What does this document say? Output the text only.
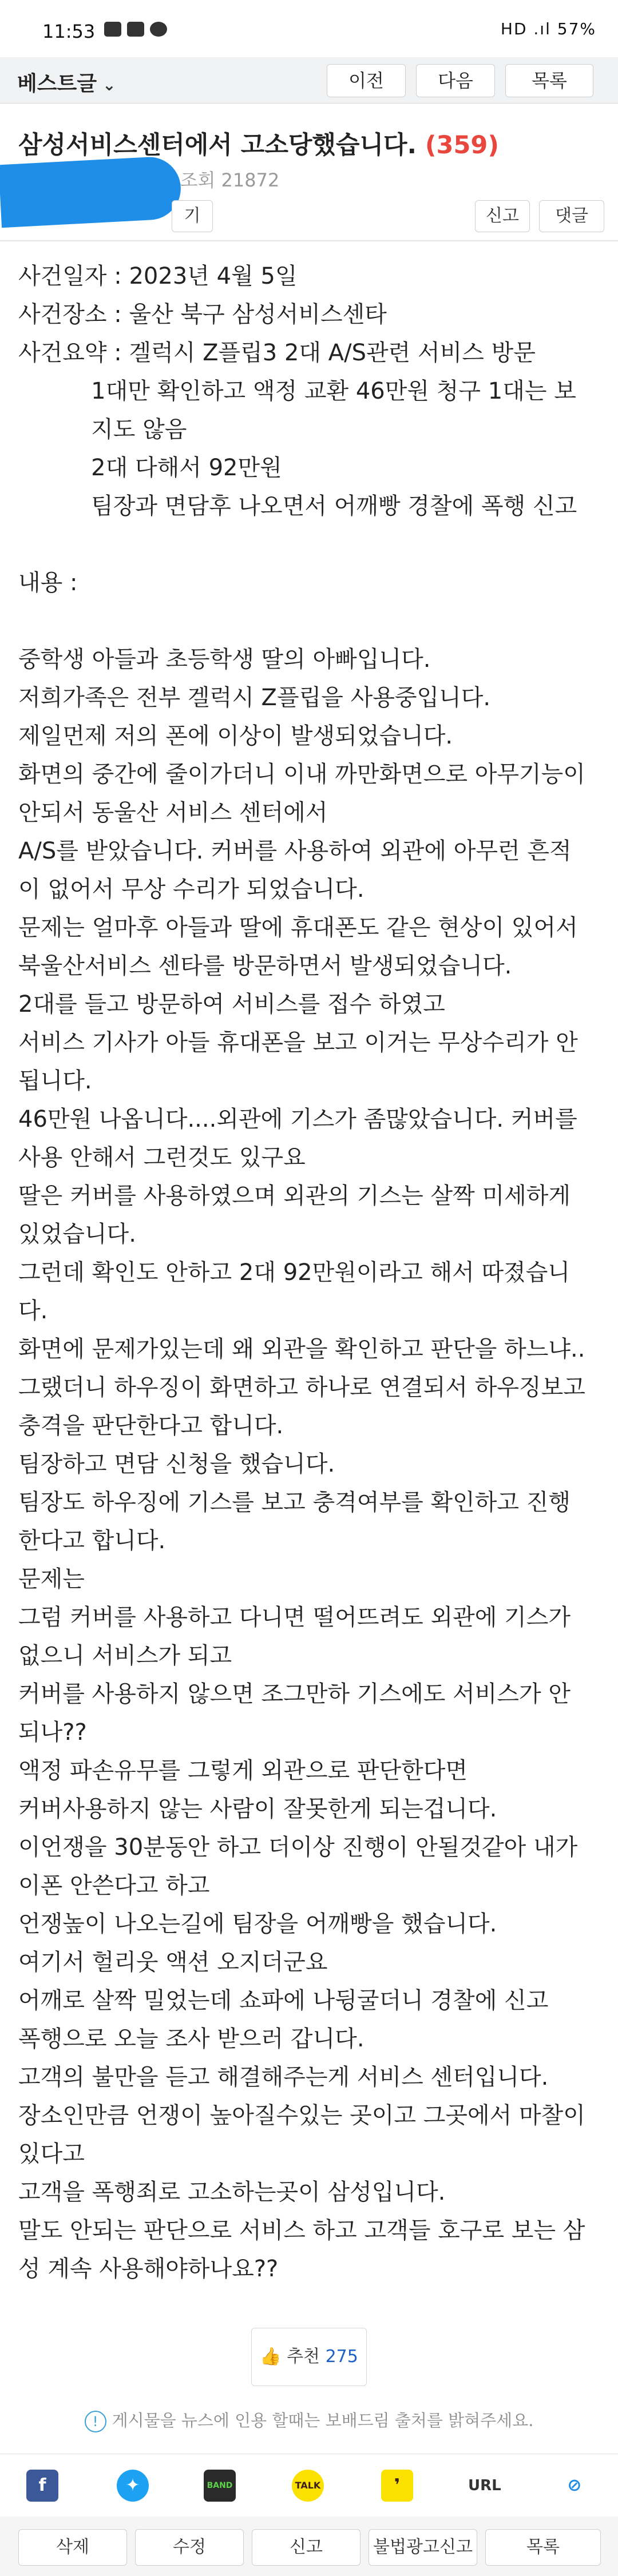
11:53	HD .ıl 57%
베스트글 ⌄	이전	다음	목록
삼성서비스센터에서 고소당했습니다. (359)
조회 21872
기	신고	댓글
사건일자 : 2023년 4월 5일
사건장소 : 울산 북구 삼성서비스센타
사건요약 : 겔럭시 Z플립3 2대 A/S관련 서비스 방문
1대만 확인하고 액정 교환 46만원 청구 1대는 보
지도 않음
2대 다해서 92만원
팀장과 면담후 나오면서 어깨빵 경찰에 폭행 신고
내용 :
중학생 아들과 초등학생 딸의 아빠입니다.
저희가족은 전부 겔럭시 Z플립을 사용중입니다.
제일먼제 저의 폰에 이상이 발생되었습니다.
화면의 중간에 줄이가더니 이내 까만화면으로 아무기능이
안되서 동울산 서비스 센터에서
A/S를 받았습니다. 커버를 사용하여 외관에 아무런 흔적
이 없어서 무상 수리가 되었습니다.
문제는 얼마후 아들과 딸에 휴대폰도 같은 현상이 있어서
북울산서비스 센타를 방문하면서 발생되었습니다.
2대를 들고 방문하여 서비스를 접수 하였고
서비스 기사가 아들 휴대폰을 보고 이거는 무상수리가 안
됩니다.
46만원 나옵니다....외관에 기스가 좀많았습니다. 커버를
사용 안해서 그런것도 있구요
딸은 커버를 사용하였으며 외관의 기스는 살짝 미세하게
있었습니다.
그런데 확인도 안하고 2대 92만원이라고 해서 따졌습니
다.
화면에 문제가있는데 왜 외관을 확인하고 판단을 하느냐..
그랬더니 하우징이 화면하고 하나로 연결되서 하우징보고
충격을 판단한다고 합니다.
팀장하고 면담 신청을 했습니다.
팀장도 하우징에 기스를 보고 충격여부를 확인하고 진행
한다고 합니다.
문제는
그럼 커버를 사용하고 다니면 떨어뜨려도 외관에 기스가
없으니 서비스가 되고
커버를 사용하지 않으면 조그만하 기스에도 서비스가 안
되나??
액정 파손유무를 그렇게 외관으로 판단한다면
커버사용하지 않는 사람이 잘못한게 되는겁니다.
이언쟁을 30분동안 하고 더이상 진행이 안될것같아 내가
이폰 안쓴다고 하고
언쟁높이 나오는길에 팀장을 어깨빵을 했습니다.
여기서 헐리웃 액션 오지더군요
어깨로 살짝 밀었는데 쇼파에 나뒹굴더니 경찰에 신고
폭행으로 오늘 조사 받으러 갑니다.
고객의 불만을 듣고 해결해주는게 서비스 센터입니다.
장소인만큼 언쟁이 높아질수있는 곳이고 그곳에서 마찰이
있다고
고객을 폭행죄로 고소하는곳이 삼성입니다.
말도 안되는 판단으로 서비스 하고 고객들 호구로 보는 삼
성 계속 사용해야하나요??
👍 추천 275
! 게시물을 뉴스에 인용 할때는 보배드림 출처를 밝혀주세요.
f	✦	BAND	TALK	❜	URL	⊘
삭제	수정	신고	불법광고신고	목록
